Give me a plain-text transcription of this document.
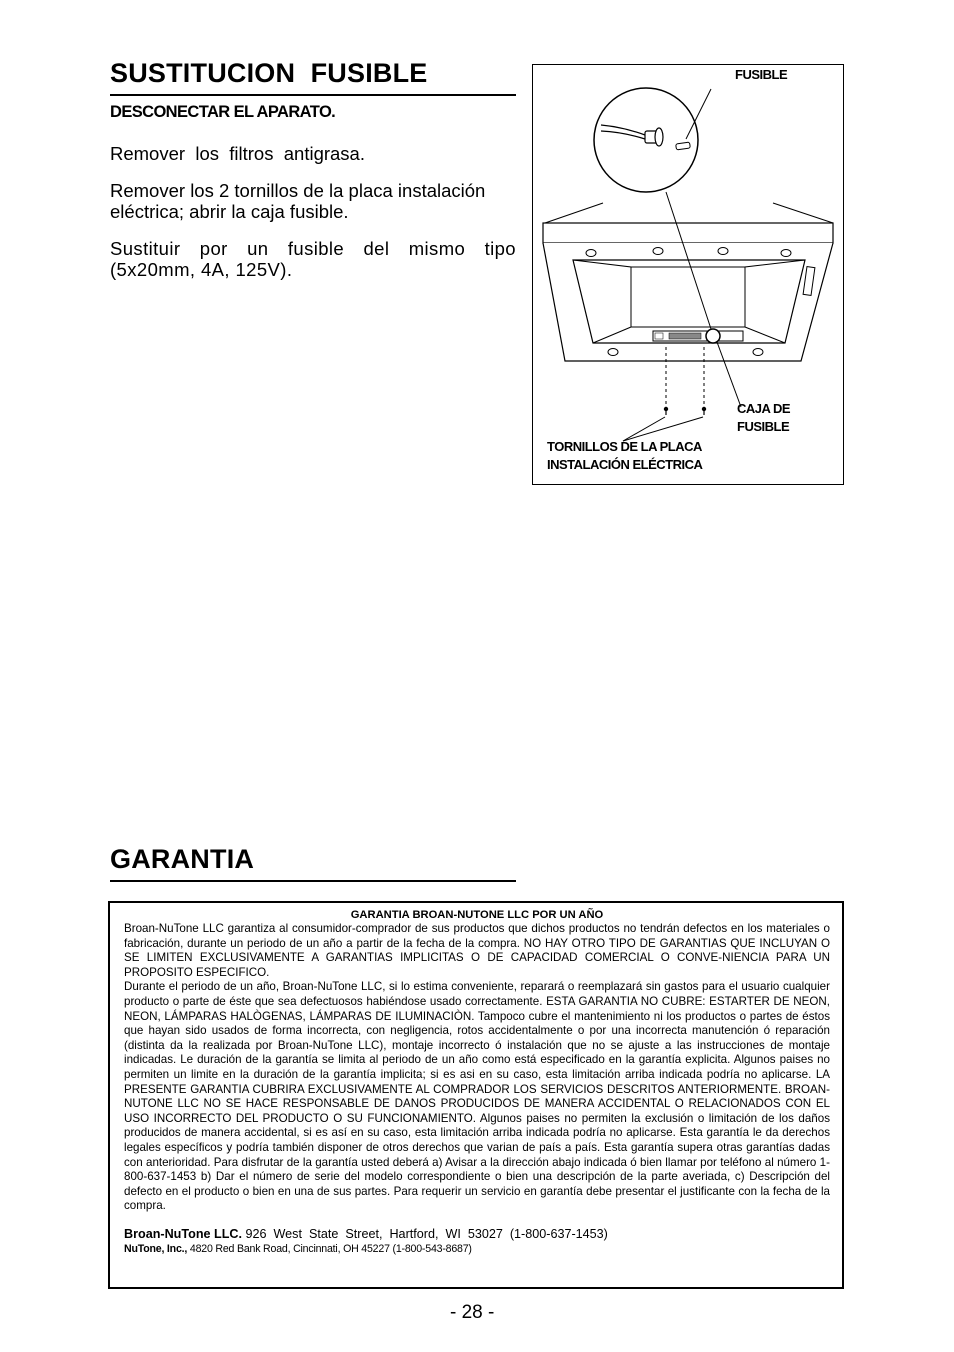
SUSTITUCION  FUSIBLE
DESCONECTAR EL APARATO.
Remover  los  filtros  antigrasa.
Remover los 2 tornillos de la placa instalación eléctrica; abrir la caja fusible.
Sustituir por un fusible del mismo tipo (5x20mm, 4A, 125V).
FUSIBLE
CAJA DE
FUSIBLE
TORNILLOS DE LA PLACA
INSTALACIÓN ELÉCTRICA
GARANTIA
GARANTIA BROAN-NUTONE LLC POR UN AÑO

Broan-NuTone LLC garantiza al consumidor-comprador de sus productos que dichos productos no tendrán defectos en los materiales o fabricación, durante un periodo de un año a partir de la fecha de la compra. NO HAY OTRO TIPO DE GARANTIAS QUE INCLUYAN O SE LIMITEN EXCLUSIVAMENTE A GARANTIAS IMPLICITAS O DE CAPACIDAD COMERCIAL O CONVE-NIENCIA PARA UN PROPOSITO ESPECIFICO.

Durante el periodo de un año, Broan-NuTone LLC, si lo estima conveniente, reparará o reemplazará sin gastos para el usuario cualquier producto o parte de éste que sea defectuosos habiéndose usado correctamente. ESTA GARANTIA NO CUBRE: ESTARTER DE NEON, NEON, LÁMPARAS HALÒGENAS, LÁMPARAS DE ILUMINACIÒN. Tampoco cubre el mantenimiento ni los productos o partes de éstos que hayan sido usados de forma incorrecta, con negligencia, rotos accidentalmente o por una incorrecta manutención ó reparación (distinta da la realizada por Broan-NuTone LLC), montaje incorrecto ó instalación que no se ajuste a las instrucciones de montaje indicadas. Le duración de la garantía se limita al periodo de un año como está especificado en la garantía explicita. Algunos paises no permiten un limite en la duración de la garantía implicita; si es asi en su caso, esta limitación arriba indicada podría no aplicarse. LA PRESENTE GARANTIA CUBRIRA EXCLUSIVAMENTE AL COMPRADOR LOS SERVICIOS DESCRITOS ANTERIORMENTE. BROAN-NUTONE LLC NO SE HACE RESPONSABLE DE DANOS PRODUCIDOS DE MANERA ACCIDENTAL O RELACIONADOS CON EL USO INCORRECTO DEL PRODUCTO O SU FUNCIONAMIENTO. Algunos paises no permiten la exclusión o limitación de los daños producidos de manera accidental, si es así en su caso, esta limitación arriba indicada podría no aplicarse. Esta garantía le da derechos legales específicos y podría también disponer de otros derechos que varian de país a país. Esta garantía supera otras garantías dadas con anterioridad. Para disfrutar de la garantía usted deberá a) Avisar a la dirección abajo indicada ó bien llamar por teléfono al número 1-800-637-1453 b) Dar el número de serie del modelo correspondiente o bien una descripción de la parte averiada, c) Descripción del defecto en el producto o bien en una de sus partes. Para requerir un servicio en garantía debe presentar el justificante con la fecha de la compra.

Broan-NuTone LLC. 926  West  State  Street,  Hartford,  WI  53027  (1-800-637-1453)
NuTone, Inc., 4820 Red Bank Road, Cincinnati, OH 45227 (1-800-543-8687)
- 28 -
